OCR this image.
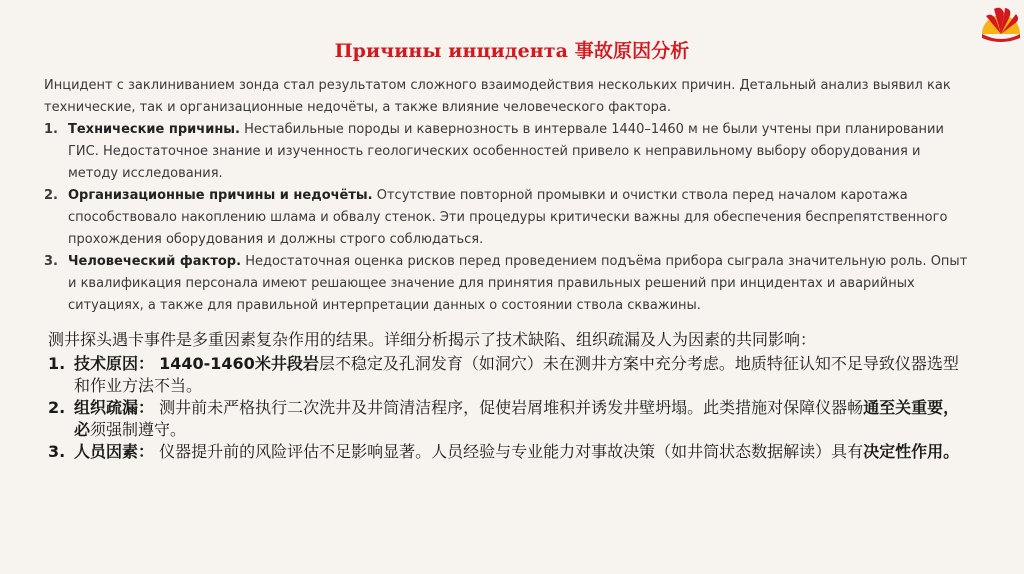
Причины инцидента 事故原因分析

Инцидент с заклиниванием зонда стал результатом сложного взаимодействия нескольких причин. Детальный анализ выявил как технические, так и организационные недочёты, а также влияние человеческого фактора.

1. Технические причины. Нестабильные породы и кавернозность в интервале 1440–1460 м не были учтены при планировании ГИС. Недостаточное знание и изученность геологических особенностей привело к неправильному выбору оборудования и методу исследования.
2. Организационные причины и недочёты. Отсутствие повторной промывки и очистки ствола перед началом каротажа способствовало накоплению шлама и обвалу стенок. Эти процедуры критически важны для обеспечения беспрепятственного прохождения оборудования и должны строго соблюдаться.
3. Человеческий фактор. Недостаточная оценка рисков перед проведением подъёма прибора сыграла значительную роль. Опыт и квалификация персонала имеют решающее значение для принятия правильных решений при инцидентах и аварийных ситуациях, а также для правильной интерпретации данных о состоянии ствола скважины.

测井探头遇卡事件是多重因素复杂作用的结果。详细分析揭示了技术缺陷、组织疏漏及人为因素的共同影响：

1. 技术原因： 1440-1460米井段岩层不稳定及孔洞发育（如洞穴）未在测井方案中充分考虑。地质特征认知不足导致仪器选型和作业方法不当。
2. 组织疏漏： 测井前未严格执行二次洗井及井筒清洁程序，促使岩屑堆积并诱发井壁坍塌。此类措施对保障仪器畅通至关重要， 必须强制遵守。
3. 人员因素： 仪器提升前的风险评估不足影响显著。人员经验与专业能力对事故决策（如井筒状态数据解读）具有决定性作用。
